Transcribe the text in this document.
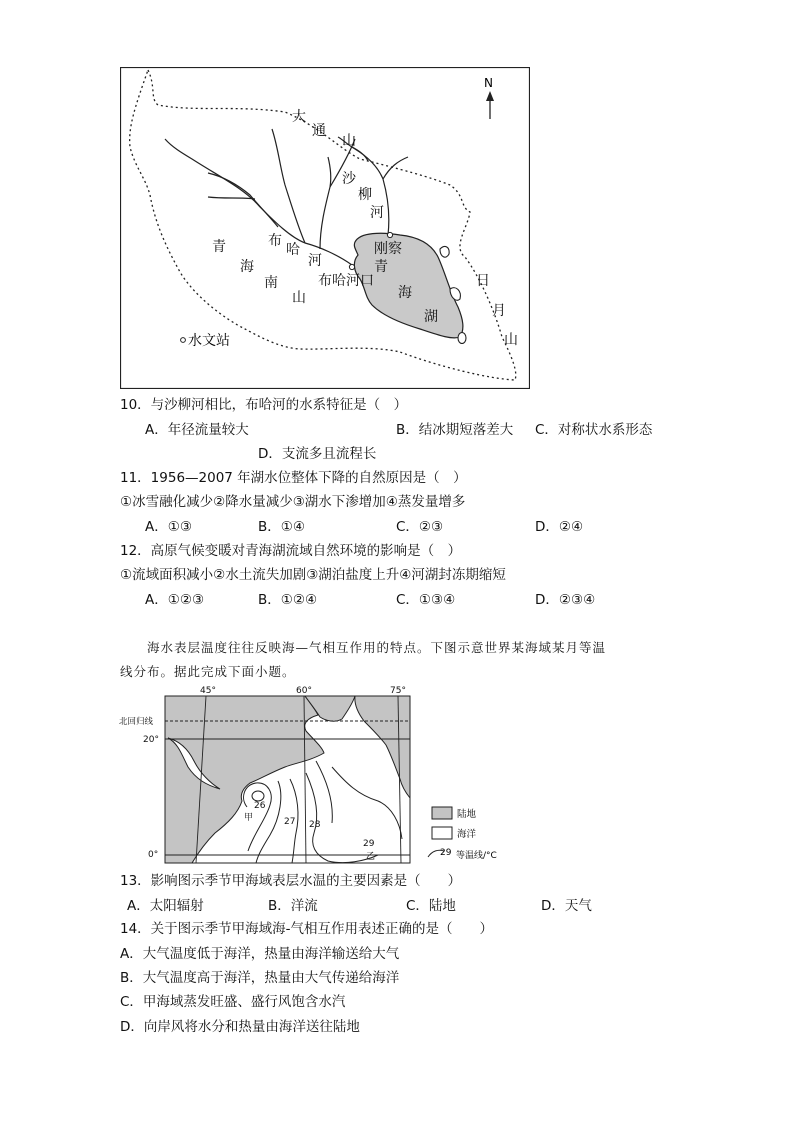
N
大
通
山
沙
柳
河
青
海
南
山
布
哈
河
刚察
布哈河口
青
海
湖
日
月
山
水文站
10．与沙柳河相比，布哈河的水系特征是（　）
A．年径流量较大	B．结冰期短落差大 C．对称状水系形态
D．支流多且流程长
11．1956—2007 年湖水位整体下降的自然原因是（　）
①冰雪融化减少②降水量减少③湖水下渗增加④蒸发量增多
A．①③	B．①④	C．②③	D．②④
12．高原气候变暖对青海湖流域自然环境的影响是（　）
①流域面积减小②水土流失加剧③湖泊盐度上升④河湖封冻期缩短
A．①②③	B．①②④	C．①③④	D．②③④
海水表层温度往往反映海—气相互作用的特点。下图示意世界某海域某月等温
线分布。据此完成下面小题。
45°	60°	75°
北回归线
20°
0°
26
甲	27 28
29
乙
陆地
海洋
29 等温线/°C
13．影响图示季节甲海域表层水温的主要因素是（　　）
A．太阳辐射	B．洋流	C．陆地	D．天气
14．关于图示季节甲海域海-气相互作用表述正确的是（　　）
A．大气温度低于海洋，热量由海洋输送给大气
B．大气温度高于海洋，热量由大气传递给海洋
C．甲海域蒸发旺盛、盛行风饱含水汽
D．向岸风将水分和热量由海洋送往陆地
